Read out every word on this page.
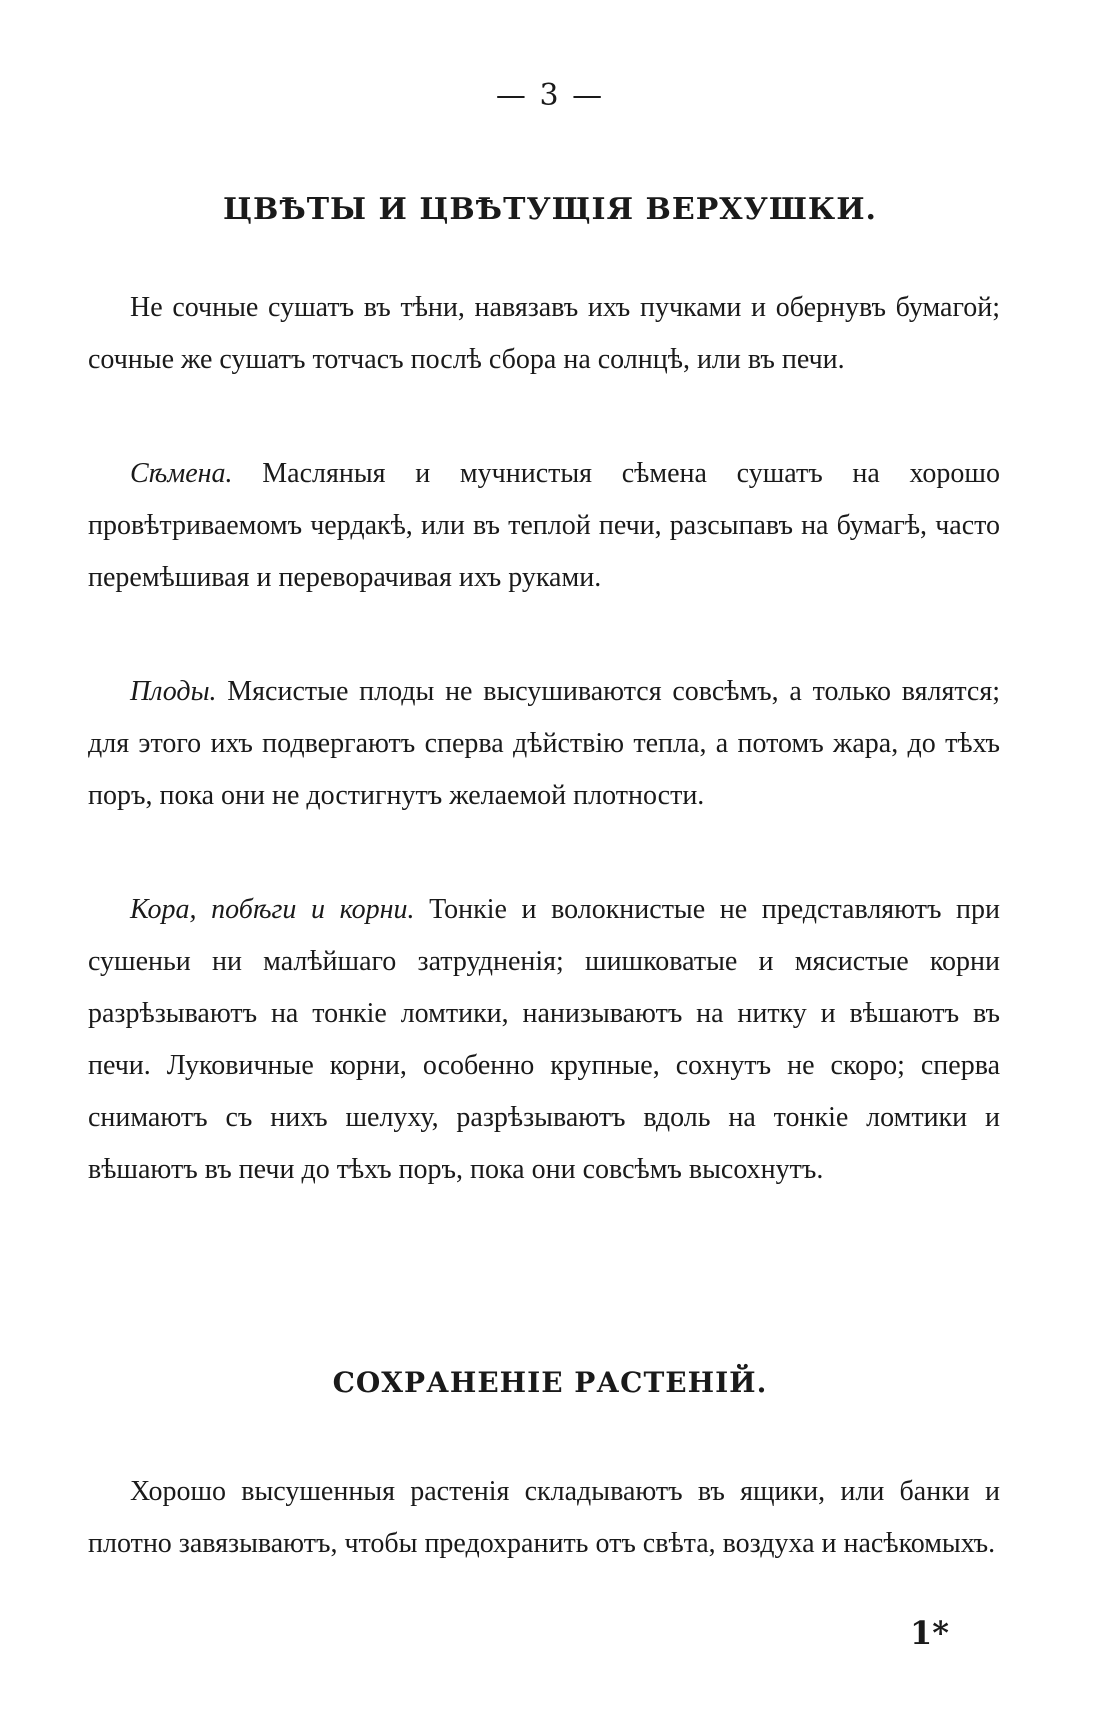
— 3 —
ЦВѢТЫ И ЦВѢТУЩІЯ ВЕРХУШКИ.

Не сочные сушатъ въ тѣни, навязавъ ихъ пучками и обернувъ бумагой; сочные же сушатъ тотчасъ послѣ сбора на солнцѣ, или въ печи.

Сѣмена. Масляныя и мучнистыя сѣмена сушатъ на хорошо провѣтриваемомъ чердакѣ, или въ теплой печи, разсыпавъ на бумагѣ, часто перемѣшивая и переворачивая ихъ руками.

Плоды. Мясистые плоды не высушиваются совсѣмъ, а только вялятся; для этого ихъ подвергаютъ сперва дѣйствію тепла, а потомъ жара, до тѣхъ поръ, пока они не достигнутъ желаемой плотности.

Кора, побѣги и корни. Тонкіе и волокнистые не представляютъ при сушеньи ни малѣйшаго затрудненія; шишковатые и мясистые корни разрѣзываютъ на тонкіе ломтики, нанизываютъ на нитку и вѣшаютъ въ печи. Луковичные корни, особенно крупные, сохнутъ не скоро; сперва снимаютъ съ нихъ шелуху, разрѣзываютъ вдоль на тонкіе ломтики и вѣшаютъ въ печи до тѣхъ поръ, пока они совсѣмъ высохнутъ.

СОХРАНЕНІЕ РАСТЕНІЙ.

Хорошо высушенныя растенія складываютъ въ ящики, или банки и плотно завязываютъ, чтобы предохранить отъ свѣта, воздуха и насѣкомыхъ.

1*
